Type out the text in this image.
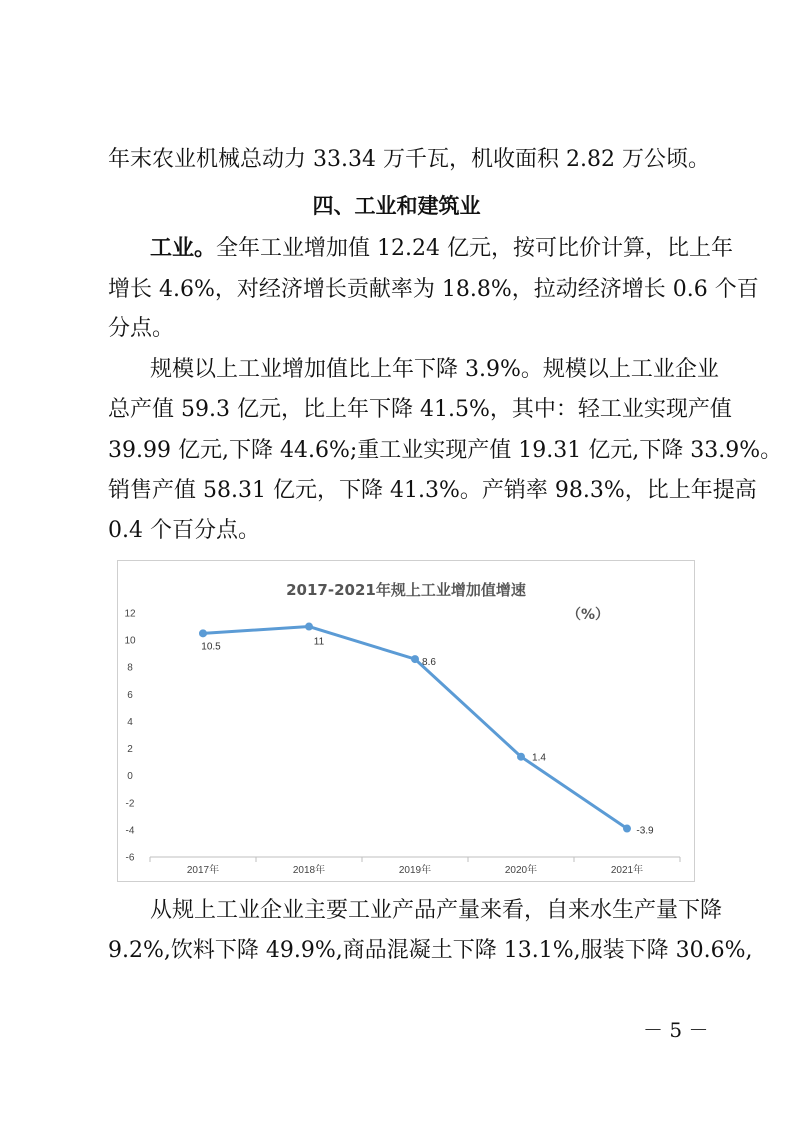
年末农业机械总动力 33.34 万千瓦，机收面积 2.82 万公顷。

四、工业和建筑业

工业。全年工业增加值 12.24 亿元，按可比价计算，比上年

增长 4.6%，对经济增长贡献率为 18.8%，拉动经济增长 0.6 个百

分点。

规模以上工业增加值比上年下降 3.9%。规模以上工业企业

总产值 59.3 亿元，比上年下降 41.5%，其中：轻工业实现产值

39.99 亿元,下降 44.6%;重工业实现产值 19.31 亿元,下降 33.9%。

销售产值 58.31 亿元，下降 41.3%。产销率 98.3%，比上年提高

0.4 个百分点。

2017-2021年规上工业增加值增速
（%）
12
10
8
6
4
2
0
-2
-4
-6
2017年	2018年	2019年	2020年	2021年
10.5	11
8.6
1.4
-3.9

从规上工业企业主要工业产品产量来看，自来水生产量下降

9.2%,饮料下降 49.9%,商品混凝土下降 13.1%,服装下降 30.6%,

－ 5 －
